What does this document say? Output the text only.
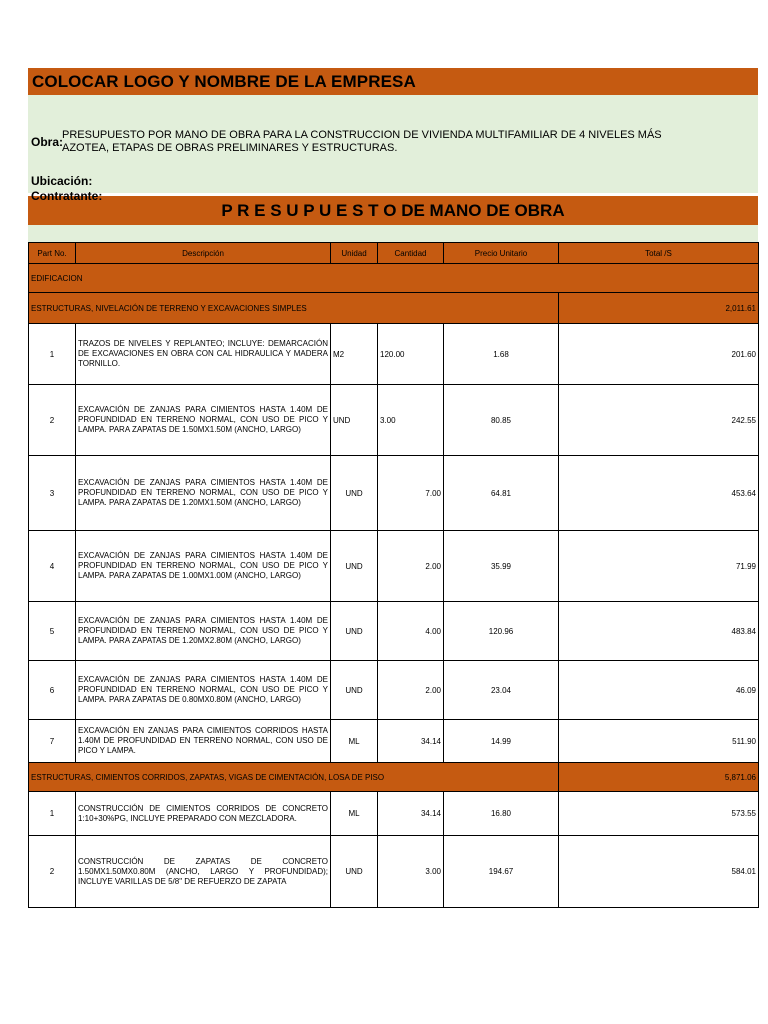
COLOCAR LOGO Y NOMBRE DE LA EMPRESA
Obra:
PRESUPUESTO POR MANO DE OBRA PARA LA CONSTRUCCION DE VIVIENDA MULTIFAMILIAR DE 4 NIVELES MÁS AZOTEA, ETAPAS DE OBRAS PRELIMINARES Y ESTRUCTURAS.
Ubicación:
Contratante:
P R E S U P U E S T O DE MANO DE OBRA
Part No.	Descripción	Unidad	Cantidad	Precio Unitario	Total /S
EDIFICACION					
ESTRUCTURAS, NIVELACIÓN DE TERRENO Y EXCAVACIONES SIMPLES					2,011.61
1	TRAZOS DE NIVELES Y REPLANTEO; INCLUYE: DEMARCACIÓN DE EXCAVACIONES EN OBRA CON CAL HIDRAULICA Y MADERA TORNILLO.	M2	120.00	1.68	201.60
2	EXCAVACIÓN DE ZANJAS PARA CIMIENTOS HASTA 1.40M DE PROFUNDIDAD EN TERRENO NORMAL, CON USO DE PICO Y LAMPA. PARA ZAPATAS DE 1.50MX1.50M (ANCHO, LARGO)	UND	3.00	80.85	242.55
3	EXCAVACIÓN DE ZANJAS PARA CIMIENTOS HASTA 1.40M DE PROFUNDIDAD EN TERRENO NORMAL, CON USO DE PICO Y LAMPA. PARA ZAPATAS DE 1.20MX1.50M (ANCHO, LARGO)	UND	7.00	64.81	453.64
4	EXCAVACIÓN DE ZANJAS PARA CIMIENTOS HASTA 1.40M DE PROFUNDIDAD EN TERRENO NORMAL, CON USO DE PICO Y LAMPA. PARA ZAPATAS DE 1.00MX1.00M (ANCHO, LARGO)	UND	2.00	35.99	71.99
5	EXCAVACIÓN DE ZANJAS PARA CIMIENTOS HASTA 1.40M DE PROFUNDIDAD EN TERRENO NORMAL, CON USO DE PICO Y LAMPA. PARA ZAPATAS DE 1.20MX2.80M (ANCHO, LARGO)	UND	4.00	120.96	483.84
6	EXCAVACIÓN DE ZANJAS PARA CIMIENTOS HASTA 1.40M DE PROFUNDIDAD EN TERRENO NORMAL, CON USO DE PICO Y LAMPA. PARA ZAPATAS DE 0.80MX0.80M (ANCHO, LARGO)	UND	2.00	23.04	46.09
7	EXCAVACIÓN EN ZANJAS PARA CIMIENTOS CORRIDOS HASTA 1.40M DE PROFUNDIDAD EN TERRENO NORMAL, CON USO DE PICO Y LAMPA.	ML	34.14	14.99	511.90
ESTRUCTURAS, CIMIENTOS CORRIDOS, ZAPATAS, VIGAS DE CIMENTACIÓN, LOSA DE PISO					5,871.06
1	CONSTRUCCIÓN DE CIMIENTOS CORRIDOS DE CONCRETO 1:10+30%PG, INCLUYE PREPARADO CON MEZCLADORA.	ML	34.14	16.80	573.55
2	CONSTRUCCIÓN DE ZAPATAS DE CONCRETO 1.50MX1.50MX0.80M (ANCHO, LARGO Y PROFUNDIDAD); INCLUYE VARILLAS DE 5/8" DE REFUERZO DE ZAPATA	UND	3.00	194.67	584.01
